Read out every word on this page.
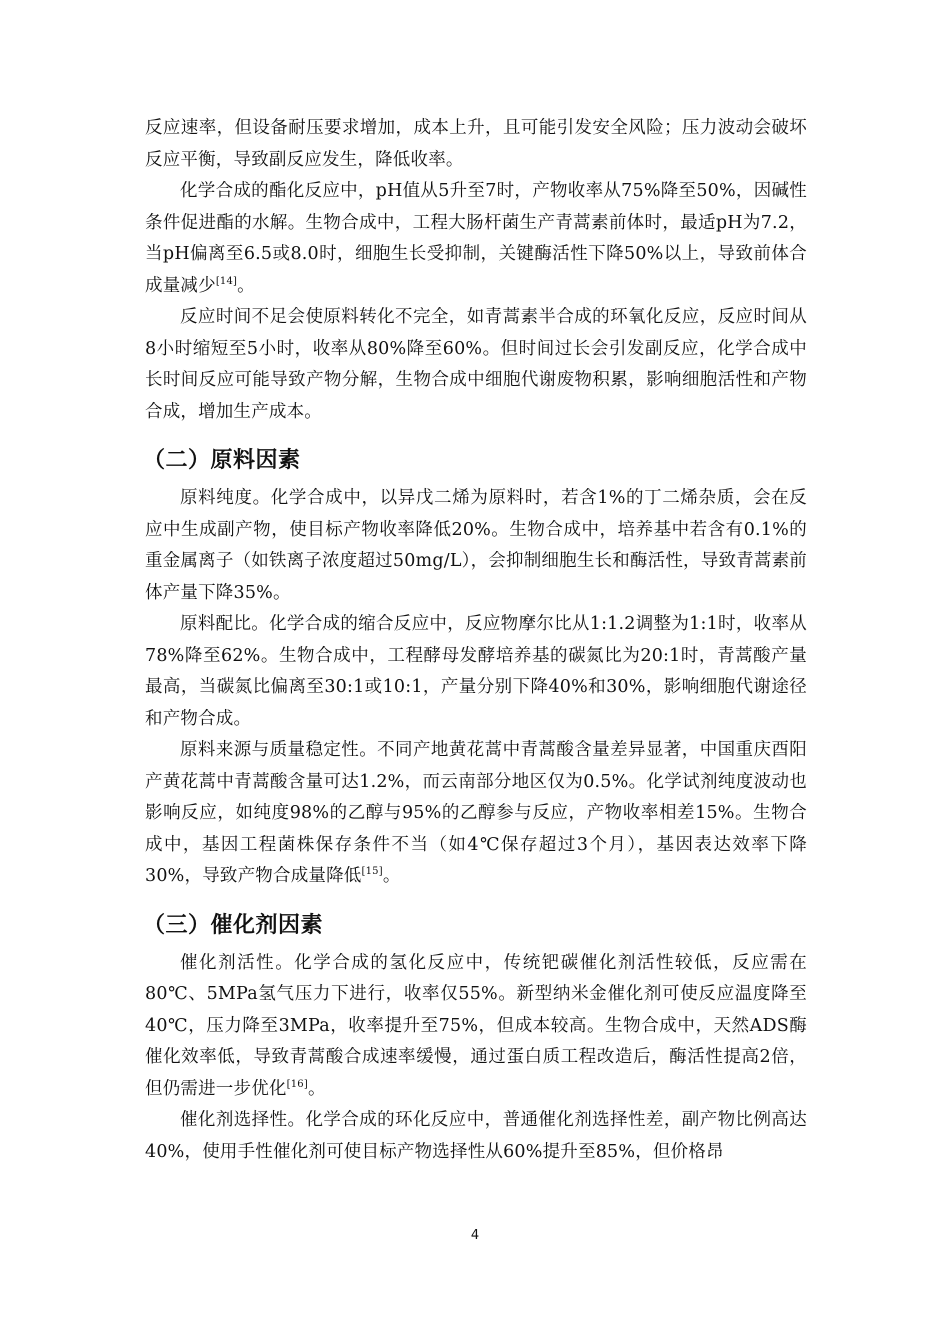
反应速率，但设备耐压要求增加，成本上升，且可能引发安全风险；压力波动会破坏反应平衡，导致副反应发生，降低收率。

化学合成的酯化反应中，pH值从5升至7时，产物收率从75%降至50%，因碱性条件促进酯的水解。生物合成中，工程大肠杆菌生产青蒿素前体时，最适pH为7.2，当pH偏离至6.5或8.0时，细胞生长受抑制，关键酶活性下降50%以上，导致前体合成量减少[14]。

反应时间不足会使原料转化不完全，如青蒿素半合成的环氧化反应，反应时间从8小时缩短至5小时，收率从80%降至60%。但时间过长会引发副反应，化学合成中长时间反应可能导致产物分解，生物合成中细胞代谢废物积累，影响细胞活性和产物合成，增加生产成本。

（二）原料因素

原料纯度。化学合成中，以异戊二烯为原料时，若含1%的丁二烯杂质，会在反应中生成副产物，使目标产物收率降低20%。生物合成中，培养基中若含有0.1%的重金属离子（如铁离子浓度超过50mg/L），会抑制细胞生长和酶活性，导致青蒿素前体产量下降35%。

原料配比。化学合成的缩合反应中，反应物摩尔比从1:1.2调整为1:1时，收率从78%降至62%。生物合成中，工程酵母发酵培养基的碳氮比为20:1时，青蒿酸产量最高，当碳氮比偏离至30:1或10:1，产量分别下降40%和30%，影响细胞代谢途径和产物合成。

原料来源与质量稳定性。不同产地黄花蒿中青蒿酸含量差异显著，中国重庆酉阳产黄花蒿中青蒿酸含量可达1.2%，而云南部分地区仅为0.5%。化学试剂纯度波动也影响反应，如纯度98%的乙醇与95%的乙醇参与反应，产物收率相差15%。生物合成中，基因工程菌株保存条件不当（如4℃保存超过3个月），基因表达效率下降30%，导致产物合成量降低[15]。

（三）催化剂因素

催化剂活性。化学合成的氢化反应中，传统钯碳催化剂活性较低，反应需在80℃、5MPa氢气压力下进行，收率仅55%。新型纳米金催化剂可使反应温度降至40℃，压力降至3MPa，收率提升至75%，但成本较高。生物合成中，天然ADS酶催化效率低，导致青蒿酸合成速率缓慢，通过蛋白质工程改造后，酶活性提高2倍，但仍需进一步优化[16]。

催化剂选择性。化学合成的环化反应中，普通催化剂选择性差，副产物比例高达40%，使用手性催化剂可使目标产物选择性从60%提升至85%，但价格昂

4
